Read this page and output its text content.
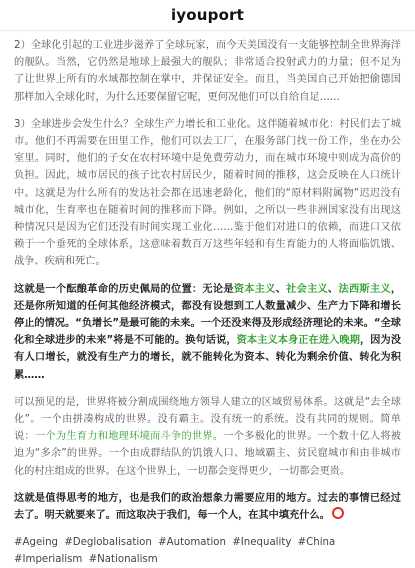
iyouport

2）全球化引起的工业进步滋养了全球玩家，而今天美国没有一支能够控制全世界海洋的舰队。当然，它仍然是地球上最强大的舰队；非常适合投射武力的力量；但不足为了让世界上所有的水域都控制在掌中，并保证安全。而且，当美国自己开始把偷德国那样加入全球化时，为什么还要保留它呢，更何况他们可以自给自足……

3）全球进步会发生什么？全球生产力增长和工业化。这伴随着城市化：村民们去了城市。他们不再需要在田里工作，他们可以去工厂，在服务部门找一份工作，坐在办公室里。同时，他们的子女在农村环境中是免费劳动力，而在城市环境中则成为高价的负担。因此，城市居民的孩子比农村居民少，随着时间的推移，这会反映在人口统计中。这就是为什么所有的发达社会都在迅速老龄化，他们的“原材料附属物”迟迟没有城市化，生育率也在随着时间的推移而下降。例如，之所以一些非洲国家没有出现这种情况只是因为它们还没有时间实现工业化……鉴于他们对进口的依赖，而进口又依赖于一个垂死的全球体系，这意味着数百万这些年轻和有生育能力的人将面临饥饿、战争、疾病和死亡。

这就是一个酝酿革命的历史佩局的位置：无论是资本主义、社会主义、法西斯主义，还是你所知道的任何其他经济模式，都没有设想到工人数量减少、生产力下降和增长停止的情况。“负增长”是最可能的未来。一个还没来得及形成经济理论的未来。“全球化和全球进步的未来”将是不可能的。换句话说，资本主义本身正在进入晚期，因为没有人口增长，就没有生产力的增长，就不能转化为资本、转化为剩余价值、转化为积累……

可以预见的是，世界将被分割成围绕地方领导人建立的区域贸易体系。这就是“去全球化”。一个由拼凑构成的世界。没有霸主。没有统一的系统。没有共同的规则。简单说：一个为生育力和地理环境而斗争的世界。一个多极化的世界。一个数十亿人将被迫为“多余”的世界。一个由成群结队的饥饿人口、地域霸主、贫民窟城市和由非城市化的村庄组成的世界。在这个世界上，一切都会变得更少，一切都会更贵。

这就是值得思考的地方，也是我们的政治想象力需要应用的地方。过去的事情已经过去了。明天就要来了。而这取决于我们，每一个人，在其中填充什么。

#Ageing #Deglobalisation #Automation #Inequality #China #Imperialism #Nationalism
